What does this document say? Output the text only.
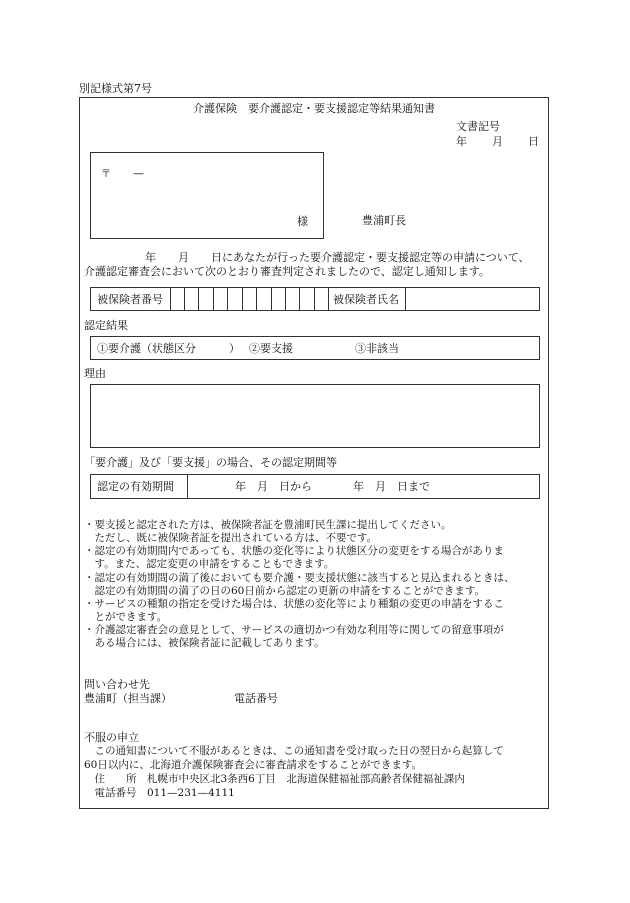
別記様式第7号
介護保険　要介護認定・要支援認定等結果通知書
文書記号
年 月 日
〒 —
様	豊浦町長
年　　月　　日にあなたが行った要介護認定・要支援認定等の申請について、
介護認定審査会において次のとおり審査判定されましたので、認定し通知します。
被保険者番号	被保険者氏名
認定結果
①要介護（状態区分　　　） ②要支援	③非該当
理由
「要介護」及び「要支援」の場合、その認定期間等
認定の有効期間	年　月　日から	年　月　日まで

・要支援と認定された方は、被保険者証を豊浦町民生課に提出してください。

　ただし、既に被保険者証を提出されている方は、不要です。

・認定の有効期間内であっても、状態の変化等により状態区分の変更をする場合がありま

　す。また、認定変更の申請をすることもできます。

・認定の有効期間の満了後においても要介護・要支援状態に該当すると見込まれるときは、

　認定の有効期間の満了の日の60日前から認定の更新の申請をすることができます。

・サービスの種類の指定を受けた場合は、状態の変化等により種類の変更の申請をするこ

　とができます。

・介護認定審査会の意見として、サービスの適切かつ有効な利用等に関しての留意事項が

　ある場合には、被保険者証に記載してあります。

問い合わせ先
豊浦町（担当課）	電話番号
不服の申立
　この通知書について不服があるときは、この通知書を受け取った日の翌日から起算して
60日以内に、北海道介護保険審査会に審査請求をすることができます。
　住　　所　札幌市中央区北3条西6丁目　北海道保健福祉部高齢者保健福祉課内
　電話番号　011—231—4111
